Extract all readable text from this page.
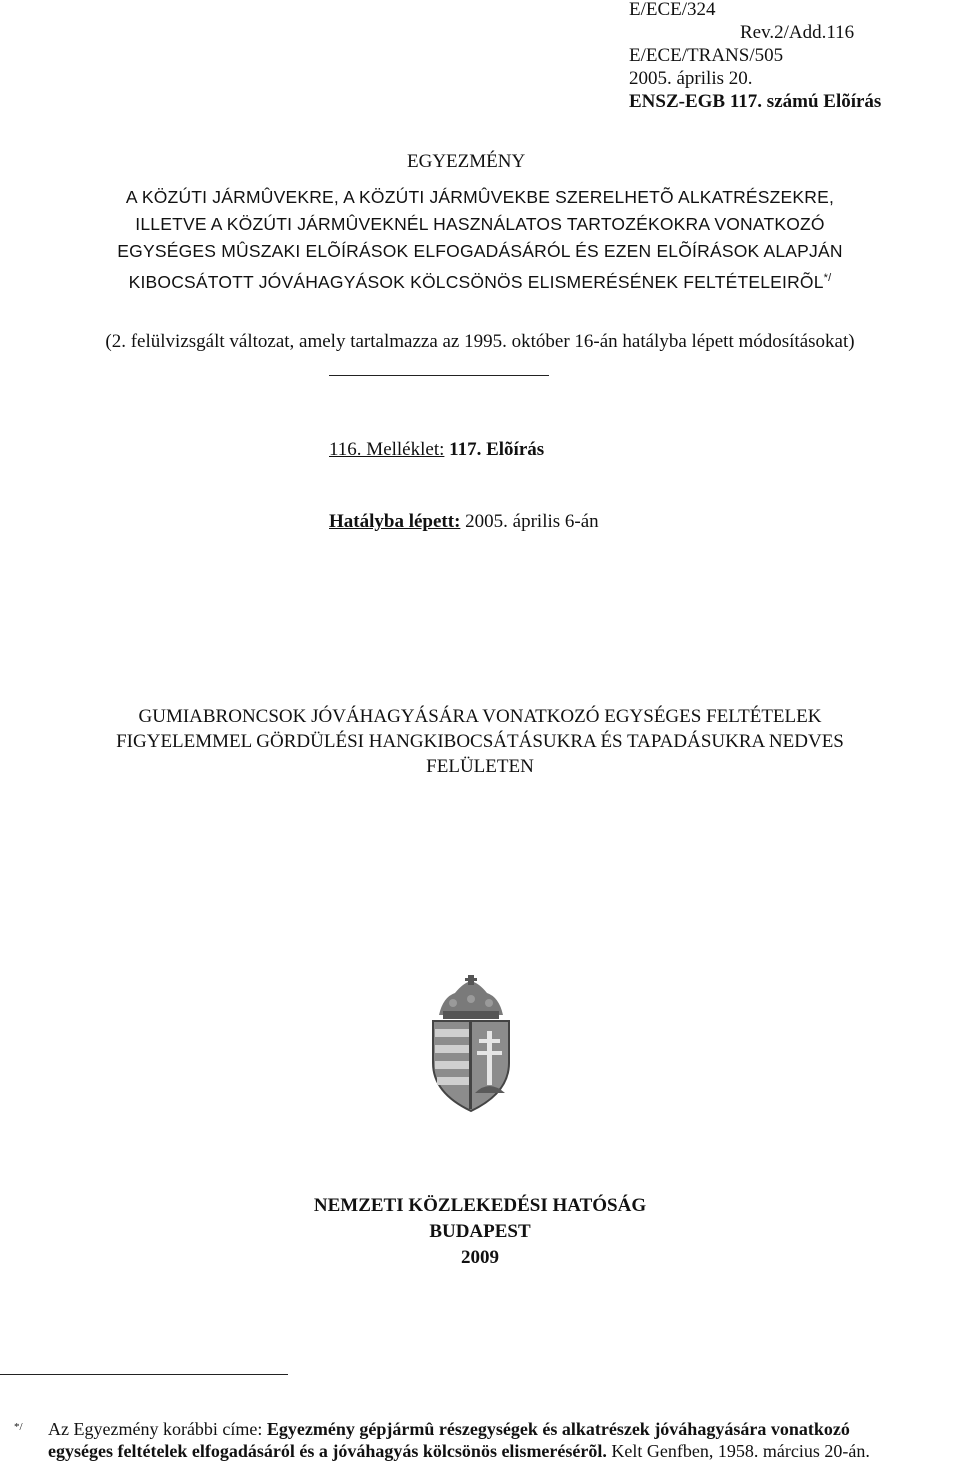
E/ECE/324
Rev.2/Add.116
E/ECE/TRANS/505
2005. április 20.
ENSZ-EGB 117. számú Elõírás
EGYEZMÉNY
A KÖZÚTI JÁRMÛVEKRE, A KÖZÚTI JÁRMÛVEKBE SZERELHETÕ ALKATRÉSZEKRE,
ILLETVE A KÖZÚTI JÁRMÛVEKNÉL HASZNÁLATOS TARTOZÉKOKRA VONATKOZÓ
EGYSÉGES MÛSZAKI ELÕÍRÁSOK ELFOGADÁSÁRÓL ÉS EZEN ELÕÍRÁSOK ALAPJÁN
KIBOCSÁTOTT JÓVÁHAGYÁSOK KÖLCSÖNÖS ELISMERÉSÉNEK FELTÉTELEIRÕL*/
(2. felülvizsgált változat, amely tartalmazza az 1995. október 16-án hatályba lépett módosításokat)
116. Melléklet: 117. Elõírás
Hatályba lépett: 2005. április 6-án
GUMIABRONCSOK JÓVÁHAGYÁSÁRA VONATKOZÓ EGYSÉGES FELTÉTELEK
FIGYELEMMEL GÖRDÜLÉSI HANGKIBOCSÁTÁSUKRA ÉS TAPADÁSUKRA NEDVES
FELÜLETEN
NEMZETI KÖZLEKEDÉSI HATÓSÁG
BUDAPEST
2009
*/ Az Egyezmény korábbi címe: Egyezmény gépjármû részegységek és alkatrészek jóváhagyására vonatkozó
egységes feltételek elfogadásáról és a jóváhagyás kölcsönös elismerésérõl. Kelt Genfben, 1958. március 20-án.
